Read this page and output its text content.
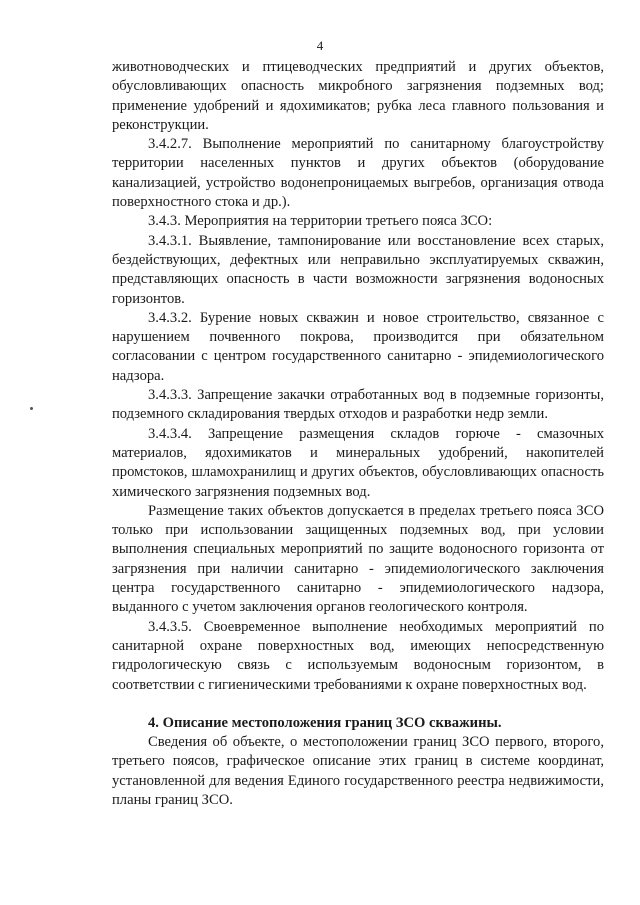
4

животноводческих и птицеводческих предприятий и других объектов, обусловливающих опасность микробного загрязнения подземных вод; применение удобрений и ядохимикатов; рубка леса главного пользования и реконструкции.

3.4.2.7. Выполнение мероприятий по санитарному благоустройству территории населенных пунктов и других объектов (оборудование канализацией, устройство водонепроницаемых выгребов, организация отвода поверхностного стока и др.).

3.4.3. Мероприятия на территории третьего пояса ЗСО:

3.4.3.1. Выявление, тампонирование или восстановление всех старых, бездействующих, дефектных или неправильно эксплуатируемых скважин, представляющих опасность в части возможности загрязнения водоносных горизонтов.

3.4.3.2. Бурение новых скважин и новое строительство, связанное с нарушением почвенного покрова, производится при обязательном согласовании с центром государственного санитарно - эпидемиологического надзора.

3.4.3.3. Запрещение закачки отработанных вод в подземные горизонты, подземного складирования твердых отходов и разработки недр земли.

3.4.3.4. Запрещение размещения складов горюче - смазочных материалов, ядохимикатов и минеральных удобрений, накопителей промстоков, шламохранилищ и других объектов, обусловливающих опасность химического загрязнения подземных вод.

Размещение таких объектов допускается в пределах третьего пояса ЗСО только при использовании защищенных подземных вод, при условии выполнения специальных мероприятий по защите водоносного горизонта от загрязнения при наличии санитарно - эпидемиологического заключения центра государственного санитарно - эпидемиологического надзора, выданного с учетом заключения органов геологического контроля.

3.4.3.5. Своевременное выполнение необходимых мероприятий по санитарной охране поверхностных вод, имеющих непосредственную гидрологическую связь с используемым водоносным горизонтом, в соответствии с гигиеническими требованиями к охране поверхностных вод.

4. Описание местоположения границ ЗСО скважины.

Сведения об объекте, о местоположении границ ЗСО первого, второго, третьего поясов, графическое описание этих границ в системе координат, установленной для ведения Единого государственного реестра недвижимости, планы границ ЗСО.
